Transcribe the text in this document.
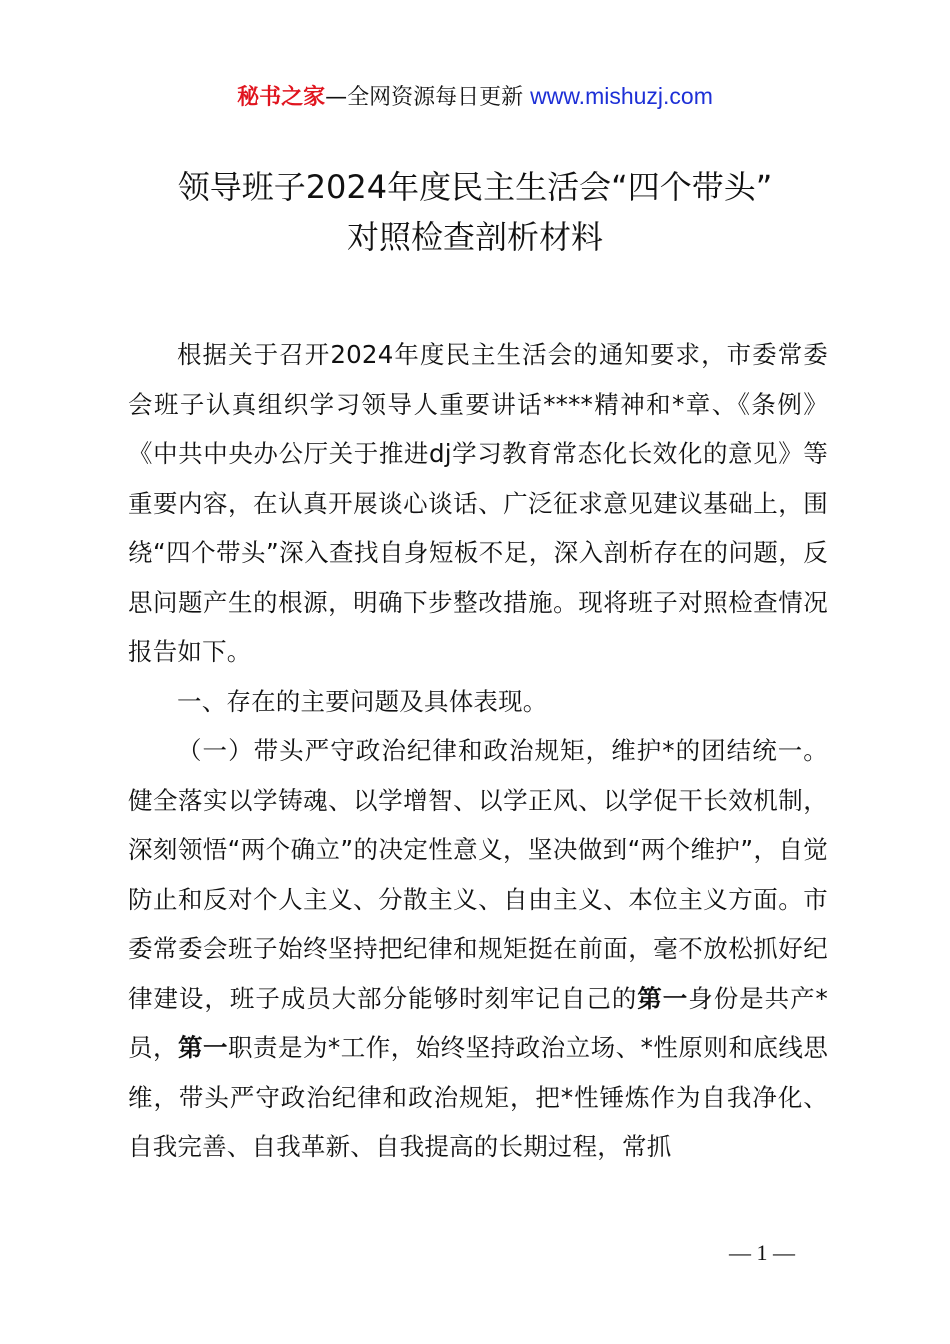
秘书之家—全网资源每日更新 www.mishuzj.com
领导班子2024年度民主生活会“四个带头”
对照检查剖析材料

根据关于召开2024年度民主生活会的通知要求，市委常委会班子认真组织学习领导人重要讲话****精神和*章、《条例》《中共中央办公厅关于推进dj学习教育常态化长效化的意见》等重要内容，在认真开展谈心谈话、广泛征求意见建议基础上，围绕“四个带头”深入查找自身短板不足，深入剖析存在的问题，反思问题产生的根源，明确下步整改措施。现将班子对照检查情况报告如下。

一、存在的主要问题及具体表现。

（一）带头严守政治纪律和政治规矩，维护*的团结统一。健全落实以学铸魂、以学增智、以学正风、以学促干长效机制，深刻领悟“两个确立”的决定性意义，坚决做到“两个维护”，自觉防止和反对个人主义、分散主义、自由主义、本位主义方面。市委常委会班子始终坚持把纪律和规矩挺在前面，毫不放松抓好纪律建设，班子成员大部分能够时刻牢记自己的第一身份是共产*员，第一职责是为*工作，始终坚持政治立场、*性原则和底线思维，带头严守政治纪律和政治规矩，把*性锤炼作为自我净化、自我完善、自我革新、自我提高的长期过程，常抓

— 1 —
